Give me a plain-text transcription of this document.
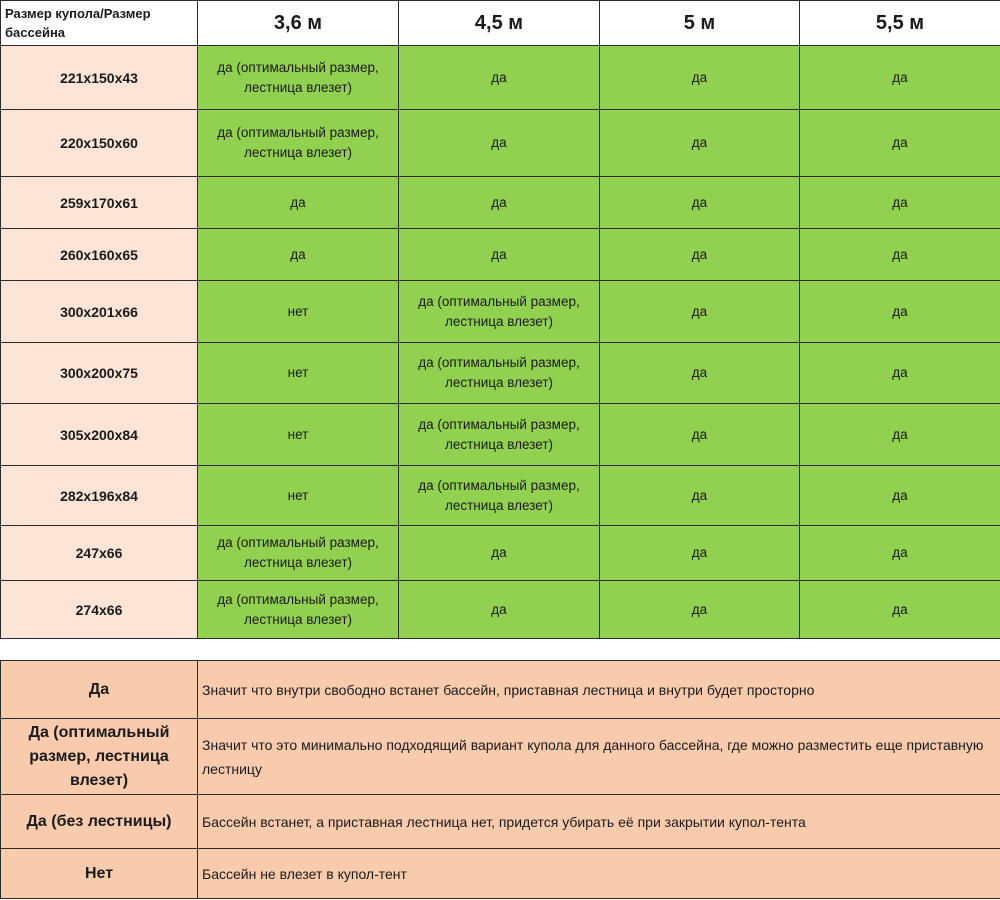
Размер купола/Размер бассейна	3,6 м	4,5 м	5 м	5,5 м
221x150x43	да (оптимальный размер, лестница влезет)	да	да	да
220x150x60	да (оптимальный размер, лестница влезет)	да	да	да
259x170x61	да	да	да	да
260x160x65	да	да	да	да
300x201x66	нет	да (оптимальный размер, лестница влезет)	да	да
300x200x75	нет	да (оптимальный размер, лестница влезет)	да	да
305x200x84	нет	да (оптимальный размер, лестница влезет)	да	да
282x196x84	нет	да (оптимальный размер, лестница влезет)	да	да
247x66	да (оптимальный размер, лестница влезет)	да	да	да
274x66	да (оптимальный размер, лестница влезет)	да	да	да
Да	Значит что внутри свободно встанет бассейн, приставная лестница и внутри будет просторно
Да (оптимальный размер, лестница влезет)	Значит что это минимально подходящий вариант купола для данного бассейна, где можно разместить еще приставную лестницу
Да (без лестницы)	Бассейн встанет, а приставная лестница нет, придется убирать её при закрытии купол-тента
Нет	Бассейн не влезет в купол-тент
